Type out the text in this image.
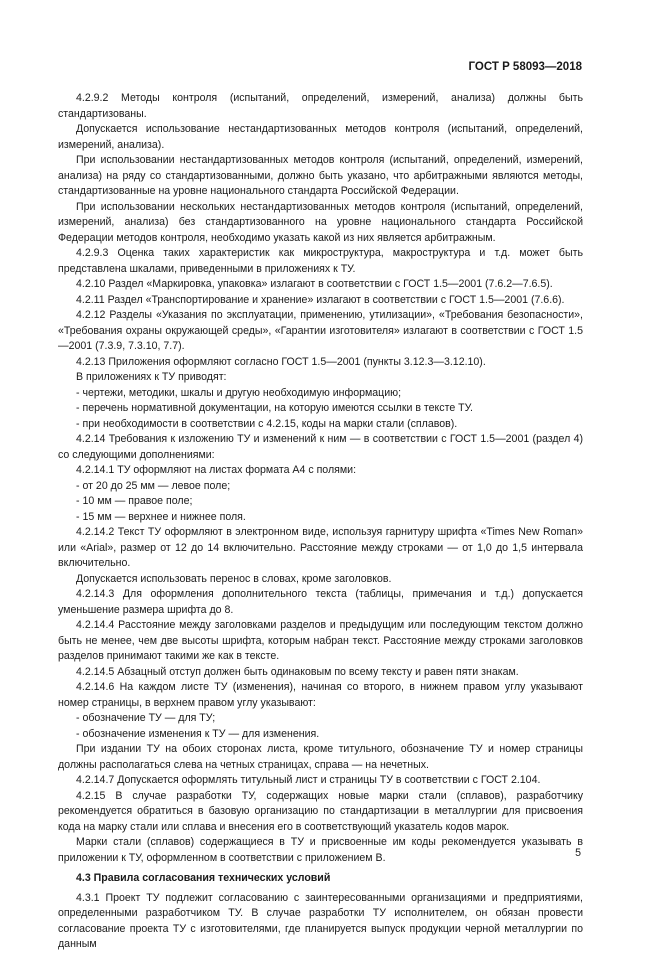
ГОСТ Р 58093—2018

4.2.9.2 Методы контроля (испытаний, определений, измерений, анализа) должны быть стандартизованы.

Допускается использование нестандартизованных методов контроля (испытаний, определений, измерений, анализа).

При использовании нестандартизованных методов контроля (испытаний, определений, измерений, анализа) на ряду со стандартизованными, должно быть указано, что арбитражными являются методы, стандартизованные на уровне национального стандарта Российской Федерации.

При использовании нескольких нестандартизованных методов контроля (испытаний, определений, измерений, анализа) без стандартизованного на уровне национального стандарта Российской Федерации методов контроля, необходимо указать какой из них является арбитражным.

4.2.9.3 Оценка таких характеристик как микроструктура, макроструктура и т.д. может быть представлена шкалами, приведенными в приложениях к ТУ.

4.2.10 Раздел «Маркировка, упаковка» излагают в соответствии с ГОСТ 1.5—2001 (7.6.2—7.6.5).

4.2.11 Раздел «Транспортирование и хранение» излагают в соответствии с ГОСТ 1.5—2001 (7.6.6).

4.2.12 Разделы «Указания по эксплуатации, применению, утилизации», «Требования безопасности», «Требования охраны окружающей среды», «Гарантии изготовителя» излагают в соответствии с ГОСТ 1.5—2001 (7.3.9, 7.3.10, 7.7).

4.2.13 Приложения оформляют согласно ГОСТ 1.5—2001 (пункты 3.12.3—3.12.10).

В приложениях к ТУ приводят:

- чертежи, методики, шкалы и другую необходимую информацию;

- перечень нормативной документации, на которую имеются ссылки в тексте ТУ.

- при необходимости в соответствии с 4.2.15, коды на марки стали (сплавов).

4.2.14 Требования к изложению ТУ и изменений к ним — в соответствии с ГОСТ 1.5—2001 (раздел 4) со следующими дополнениями:

4.2.14.1 ТУ оформляют на листах формата А4 с полями:

- от 20 до 25 мм — левое поле;

- 10 мм — правое поле;

- 15 мм — верхнее и нижнее поля.

4.2.14.2 Текст ТУ оформляют в электронном виде, используя гарнитуру шрифта «Times New Roman» или «Arial», размер от 12 до 14 включительно. Расстояние между строками — от 1,0 до 1,5 интервала включительно.

Допускается использовать перенос в словах, кроме заголовков.

4.2.14.3 Для оформления дополнительного текста (таблицы, примечания и т.д.) допускается уменьшение размера шрифта до 8.

4.2.14.4 Расстояние между заголовками разделов и предыдущим или последующим текстом должно быть не менее, чем две высоты шрифта, которым набран текст. Расстояние между строками заголовков разделов принимают такими же как в тексте.

4.2.14.5 Абзацный отступ должен быть одинаковым по всему тексту и равен пяти знакам.

4.2.14.6 На каждом листе ТУ (изменения), начиная со второго, в нижнем правом углу указывают номер страницы, в верхнем правом углу указывают:

- обозначение ТУ — для ТУ;

- обозначение изменения к ТУ — для изменения.

При издании ТУ на обоих сторонах листа, кроме титульного, обозначение ТУ и номер страницы должны располагаться слева на четных страницах, справа — на нечетных.

4.2.14.7 Допускается оформлять титульный лист и страницы ТУ в соответствии с ГОСТ 2.104.

4.2.15 В случае разработки ТУ, содержащих новые марки стали (сплавов), разработчику рекомендуется обратиться в базовую организацию по стандартизации в металлургии для присвоения кода на марку стали или сплава и внесения его в соответствующий указатель кодов марок.

Марки стали (сплавов) содержащиеся в ТУ и присвоенные им коды рекомендуется указывать в приложении к ТУ, оформленном в соответствии с приложением В.

4.3 Правила согласования технических условий

4.3.1 Проект ТУ подлежит согласованию с заинтересованными организациями и предприятиями, определенными разработчиком ТУ. В случае разработки ТУ исполнителем, он обязан провести согласование проекта ТУ с изготовителями, где планируется выпуск продукции черной металлургии по данным

5
